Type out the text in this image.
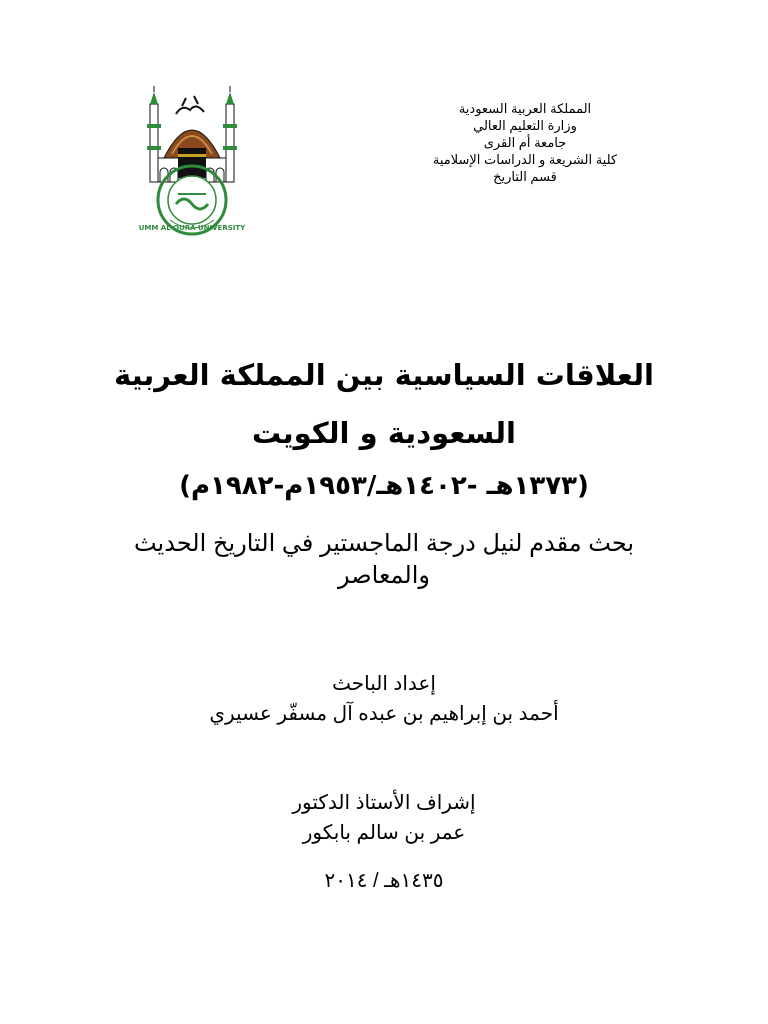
UMM AL QURA UNIVERSITY
المملكة العربية السعودية
وزارة التعليم العالي
جامعة أم القرى
كلية الشريعة و الدراسات الإسلامية
قسم التاريخ
العلاقات السياسية بين المملكة العربية
السعودية و الكويت
(١٣٧٣هـ -١٤٠٢هـ/١٩٥٣م-١٩٨٢م)
بحث مقدم لنيل درجة الماجستير في التاريخ الحديث
والمعاصر
إعداد الباحث
أحمد بن إبراهيم بن عبده آل مسفّر عسيري
إشراف الأستاذ الدكتور
عمر بن سالم بابكور
١٤٣٥هـ / ٢٠١٤
